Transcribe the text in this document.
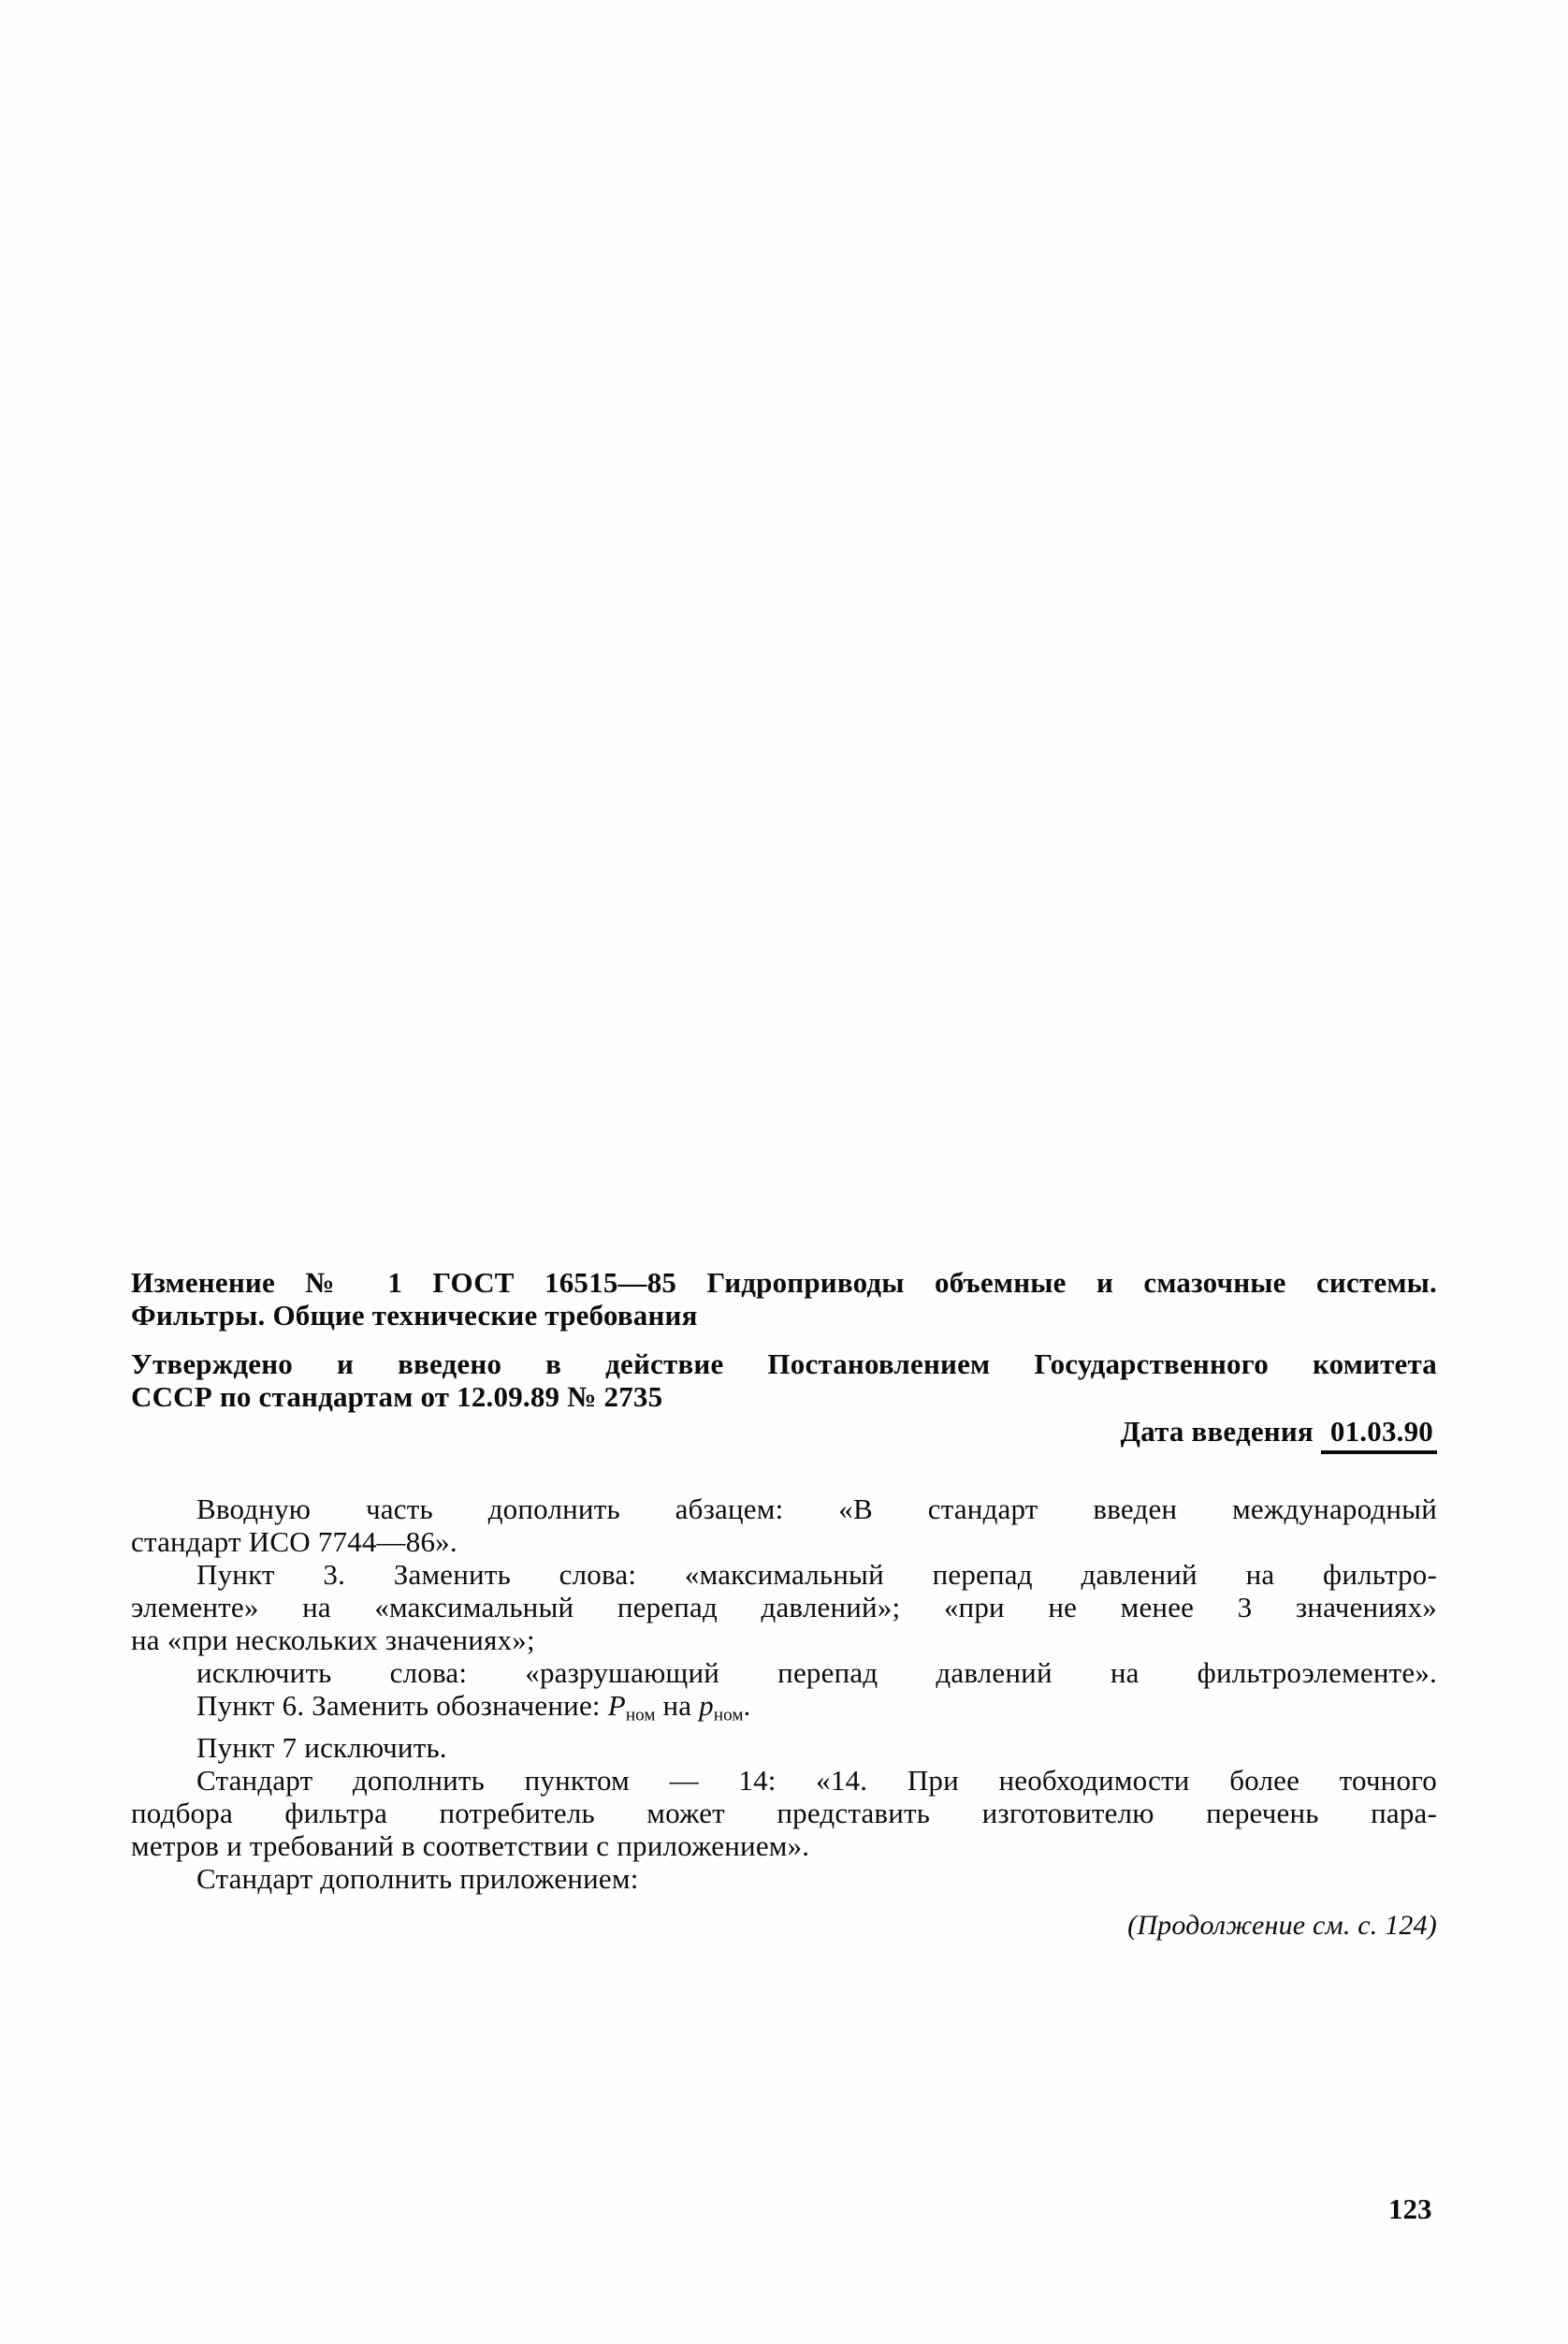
Изменение № 1 ГОСТ 16515—85 Гидроприводы объемные и смазочные системы.
Фильтры. Общие технические требования
Утверждено и введено в действие Постановлением Государственного комитета
СССР по стандартам от 12.09.89 № 2735
Дата введения 01.03.90
Вводную часть дополнить абзацем: «В стандарт введен международный
стандарт ИСО 7744—86».
Пункт 3. Заменить слова: «максимальный перепад давлений на фильтро-
элементе» на «максимальный перепад давлений»; «при не менее 3 значениях»
на «при нескольких значениях»;
исключить слова: «разрушающий перепад давлений на фильтроэлементе».
Пункт 6. Заменить обозначение: $Р_{ном}$ на $р_{ном}$.
Пункт 7 исключить.
Стандарт дополнить пунктом — 14: «14. При необходимости более точного
подбора фильтра потребитель может представить изготовителю перечень пара-
метров и требований в соответствии с приложением».
Стандарт дополнить приложением:
(Продолжение см. с. 124)
123
